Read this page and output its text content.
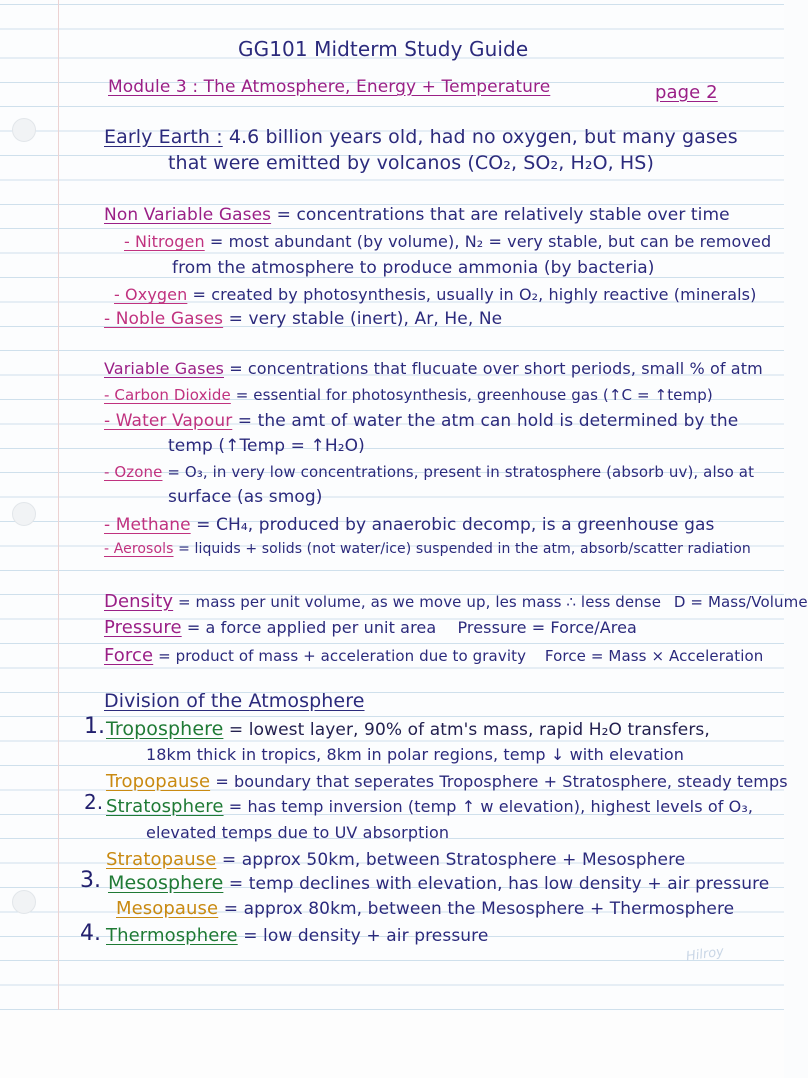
GG101 Midterm Study Guide
Module 3 : The Atmosphere, Energy + Temperature	page 2
Early Earth : 4.6 billion years old, had no oxygen, but many gases
that were emitted by volcanos (CO₂, SO₂, H₂O, HS)
Non Variable Gases = concentrations that are relatively stable over time
- Nitrogen = most abundant (by volume), N₂ = very stable, but can be removed
from the atmosphere to produce ammonia (by bacteria)
- Oxygen = created by photosynthesis, usually in O₂, highly reactive (minerals)
- Noble Gases = very stable (inert), Ar, He, Ne
Variable Gases = concentrations that flucuate over short periods, small % of atm
- Carbon Dioxide = essential for photosynthesis, greenhouse gas (↑C = ↑temp)
- Water Vapour = the amt of water the atm can hold is determined by the
temp (↑Temp = ↑H₂O)
- Ozone = O₃, in very low concentrations, present in stratosphere (absorb uv), also at
surface (as smog)
- Methane = CH₄, produced by anaerobic decomp, is a greenhouse gas
- Aerosols = liquids + solids (not water/ice) suspended in the atm, absorb/scatter radiation
Density = mass per unit volume, as we move up, les mass ∴ less dense D = Mass/Volume
Pressure = a force applied per unit area Pressure = Force/Area
Force = product of mass + acceleration due to gravity Force = Mass × Acceleration
Division of the Atmosphere
1. Troposphere = lowest layer, 90% of atm's mass, rapid H₂O transfers,
18km thick in tropics, 8km in polar regions, temp ↓ with elevation
Tropopause = boundary that seperates Troposphere + Stratosphere, steady temps
2. Stratosphere = has temp inversion (temp ↑ w elevation), highest levels of O₃,
elevated temps due to UV absorption
Stratopause = approx 50km, between Stratosphere + Mesosphere
3. Mesosphere = temp declines with elevation, has low density + air pressure
Mesopause = approx 80km, between the Mesosphere + Thermosphere
4. Thermosphere = low density + air pressure
Hilroy
